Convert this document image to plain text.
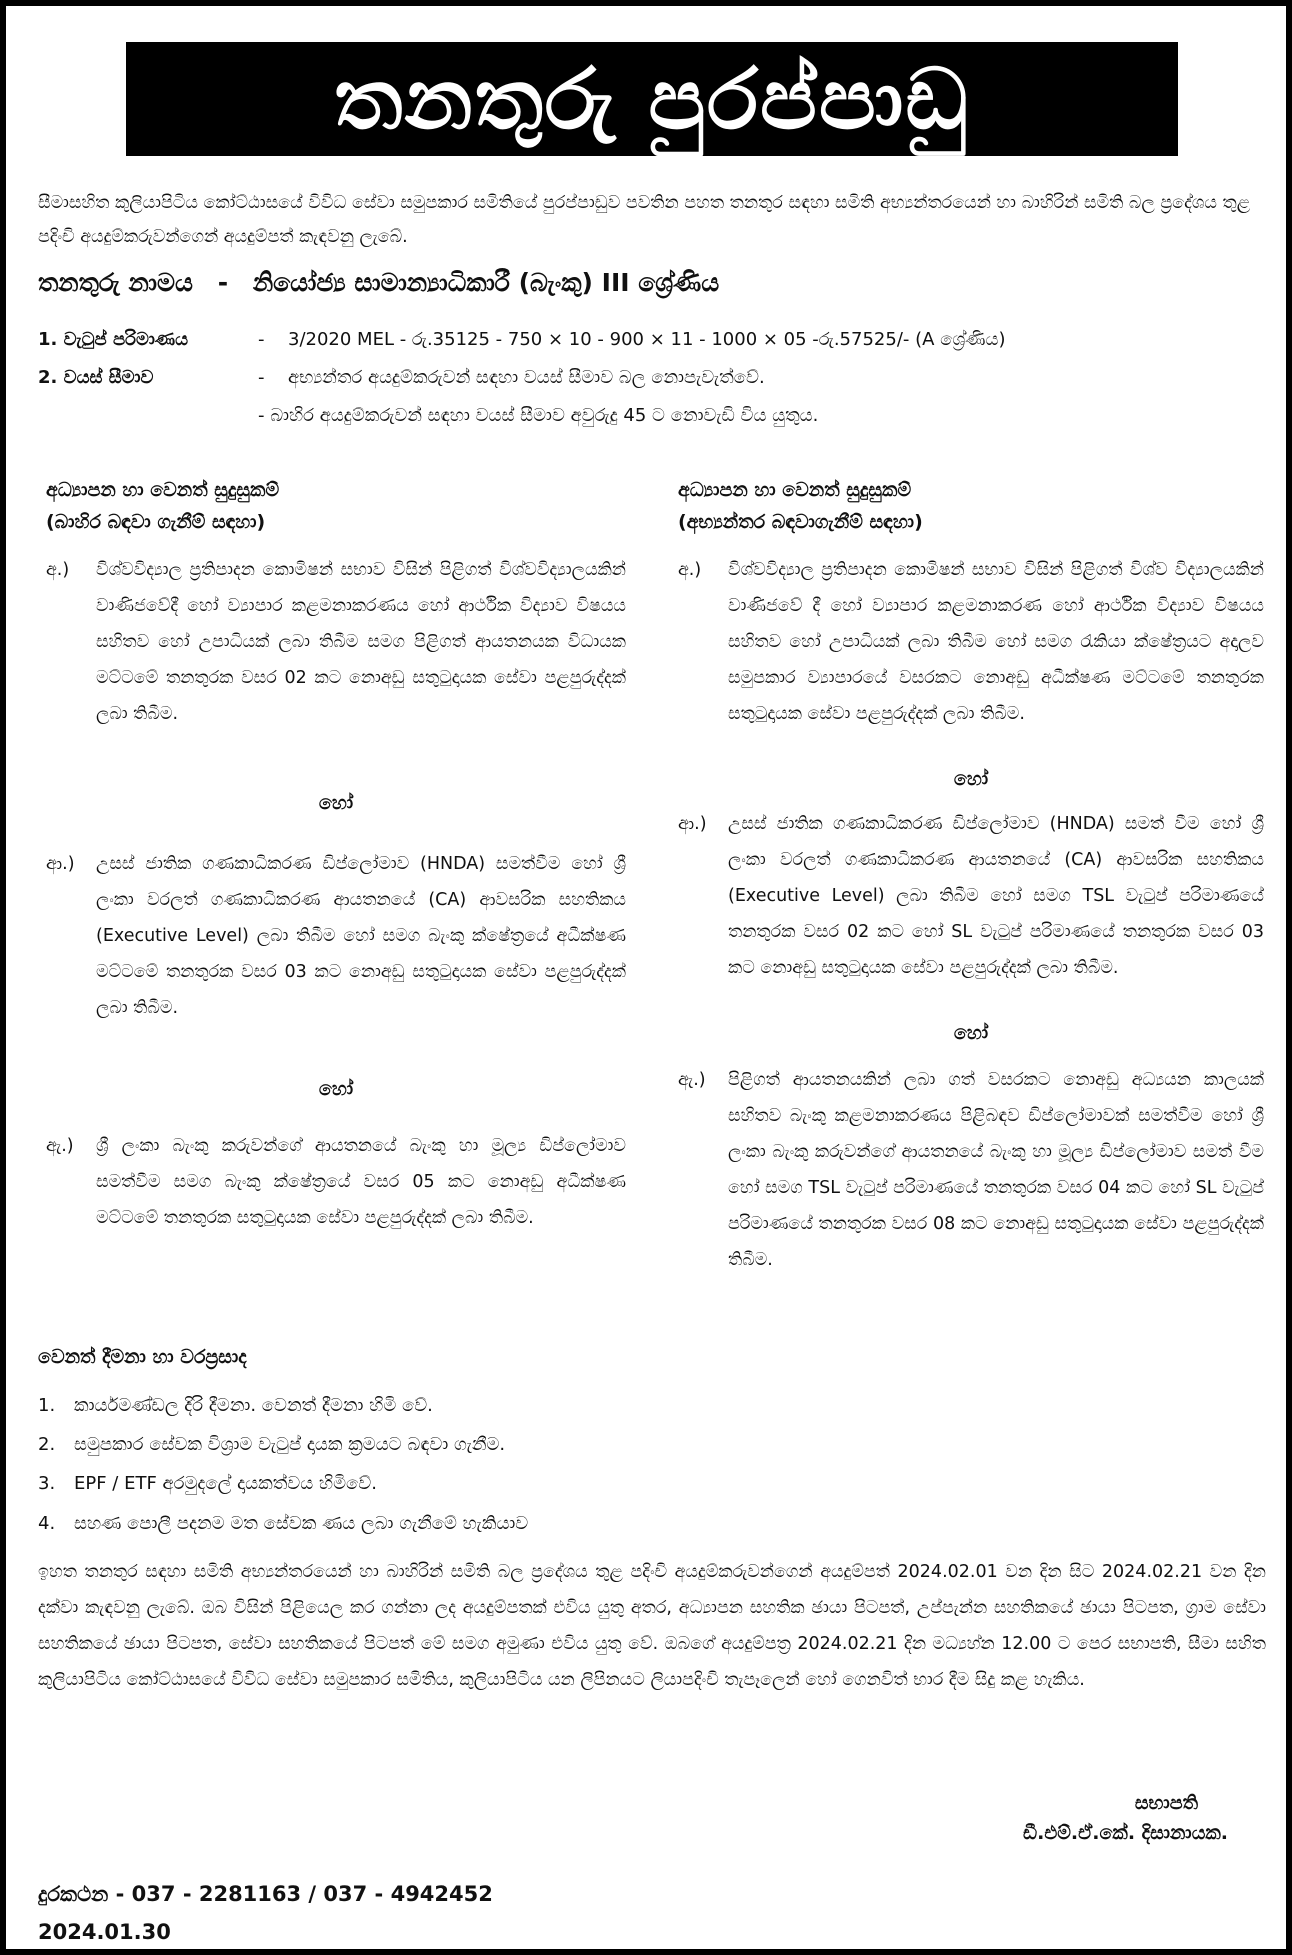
තනතුරු පුරප්පාඩු
සීමාසහිත කුලියාපිටිය කෝට්ඨාසයේ විවිධ සේවා සමුපකාර සමිතියේ පුරප්පාඩුව පවතින පහත තනතුර සඳහා සමිති අභ්‍යන්තරයෙන් හා බාහිරින් සමිති බල ප්‍රදේශය තුළ පදිංචි අයදුම්කරුවන්ගෙන් අයදුම්පත් කැඳවනු ලැබේ.
තනතුරු නාමය - නියෝජ්‍ය සාමාන්‍යාධිකාරී (බැංකු) III ශ්‍රේණිය
1. වැටුප් පරිමාණය	- 3/2020 MEL - රු.35125 - 750 × 10 - 900 × 11 - 1000 × 05 -රු.57525/- (A ශ්‍රේණිය)
2. වයස් සීමාව	- අභ්‍යන්තර අයදුම්කරුවන් සඳහා වයස් සීමාව බල නොපැවැත්වේ.
- බාහිර අයදුම්කරුවන් සඳහා වයස් සීමාව අවුරුදු 45 ට නොවැඩි විය යුතුය.
අධ්‍යාපන හා වෙනත් සුදුසුකම්
(බාහිර බඳවා ගැනීම් සඳහා)
අ.) විශ්වවිද්‍යාල ප්‍රතිපාදන කොමිෂන් සභාව විසින් පිළිගත් විශ්වවිද්‍යාලයකින් වාණිජවේදී හෝ ව්‍යාපාර කළමනාකරණය හෝ ආර්ථික විද්‍යාව විෂයය සහිතව හෝ උපාධියක් ලබා තිබීම සමග පිළිගත් ආයතනයක විධායක මට්ටමේ තනතුරක වසර 02 කට නොඅඩු සතුටුදායක සේවා පළපුරුද්දක් ලබා තිබීම.
හෝ
ආ.) උසස් ජාතික ගණකාධිකරණ ඩිප්ලෝමාව (HNDA) සමත්වීම හෝ ශ්‍රී ලංකා වරලත් ගණකාධිකරණ ආයතනයේ (CA) ආවසරික සහතිකය (Executive Level) ලබා තිබීම හෝ සමග බැංකු ක්ෂේත්‍රයේ අධීක්ෂණ මට්ටමේ තනතුරක වසර 03 කට නොඅඩු සතුටුදායක සේවා පළපුරුද්දක් ලබා තිබීම.
හෝ
ඇ.) ශ්‍රී ලංකා බැංකු කරුවන්ගේ ආයතනයේ බැංකු හා මූල්‍ය ඩිප්ලෝමාව සමත්වීම සමග බැංකු ක්ෂේත්‍රයේ වසර 05 කට නොඅඩු අධීක්ෂණ මට්ටමේ තනතුරක සතුටුදායක සේවා පළපුරුද්දක් ලබා තිබීම.
අධ්‍යාපන හා වෙනත් සුදුසුකම්
(අභ්‍යන්තර බඳවාගැනීම් සඳහා)
අ.) විශ්වවිද්‍යාල ප්‍රතිපාදන කොමිෂන් සභාව විසින් පිළිගත් විශ්ව විද්‍යාලයකින් වාණිජවේ දී හෝ ව්‍යාපාර කළමනාකරණ හෝ ආර්ථික විද්‍යාව විෂයය සහිතව හෝ උපාධියක් ලබා තිබීම හෝ සමග රැකියා ක්ෂේත්‍රයට අදාලව සමුපකාර ව්‍යාපාරයේ වසරකට නොඅඩු අධීක්ෂණ මට්ටමේ තනතුරක සතුටුදායක සේවා පළපුරුද්දක් ලබා තිබීම.
හෝ
ආ.) උසස් ජාතික ගණකාධිකරණ ඩිප්ලෝමාව (HNDA) සමත් වීම හෝ ශ්‍රී ලංකා වරලත් ගණකාධිකරණ ආයතනයේ (CA) ආවසරික සහතිකය (Executive Level) ලබා තිබීම හෝ සමග TSL වැටුප් පරිමාණයේ තනතුරක වසර 02 කට හෝ SL වැටුප් පරිමාණයේ තනතුරක වසර 03 කට නොඅඩු සතුටුදායක සේවා පළපුරුද්දක් ලබා තිබීම.
හෝ
ඇ.) පිළිගත් ආයතනයකින් ලබා ගත් වසරකට නොඅඩු අධ්‍යයන කාලයක් සහිතව බැංකු කළමනාකරණය පිළිබඳව ඩිප්ලෝමාවක් සමත්වීම හෝ ශ්‍රී ලංකා බැංකු කරුවන්ගේ ආයතනයේ බැංකු හා මූල්‍ය ඩිප්ලෝමාව සමත් වීම හෝ සමග TSL වැටුප් පරිමාණයේ තනතුරක වසර 04 කට හෝ SL වැටුප් පරිමාණයේ තනතුරක වසර 08 කට නොඅඩු සතුටුදායක සේවා පළපුරුද්දක් තිබීම.
වෙනත් දීමනා හා වරප්‍රසාද
1. කාර්යමණ්ඩල දිරි දීමනා. වෙනත් දීමනා හිමි වේ.
2. සමුපකාර සේවක විශ්‍රාම වැටුප් දායක ක්‍රමයට බඳවා ගැනීම.
3. EPF / ETF අරමුදලේ දායකත්වය හිමිවේ.
4. සහණ පොලී පදනම මත සේවක ණය ලබා ගැනීමේ හැකියාව
ඉහත තනතුර සඳහා සමිති අභ්‍යන්තරයෙන් හා බාහිරින් සමිති බල ප්‍රදේශය තුළ පදිංචි අයදුම්කරුවන්ගෙන් අයදුම්පත් 2024.02.01 වන දින සිට 2024.02.21 වන දින දක්වා කැඳවනු ලැබේ. ඔබ විසින් පිළියෙල කර ගන්නා ලද අයදුම්පතක් එවිය යුතු අතර, අධ්‍යාපන සහතික ඡායා පිටපත්, උප්පැන්න සහතිකයේ ඡායා පිටපත, ග්‍රාම සේවා සහතිකයේ ඡායා පිටපත, සේවා සහතිකයේ පිටපත් මේ සමග අමුණා එවිය යුතු වේ. ඔබගේ අයදුම්පත්‍ර 2024.02.21 දින මධ්‍යහ්න 12.00 ට පෙර සභාපති, සීමා සහිත කුලියාපිටිය කෝට්ඨාසයේ විවිධ සේවා සමුපකාර සමිතිය, කුලියාපිටිය යන ලිපිනයට ලියාපදිංචි තැපෑලෙන් හෝ ගෙනවිත් භාර දීම සිදු කළ හැකිය.
සභාපති
ඩී.එම්.ඒ.කේ. දිසානායක.
දුරකථන - 037 - 2281163 / 037 - 4942452
2024.01.30
